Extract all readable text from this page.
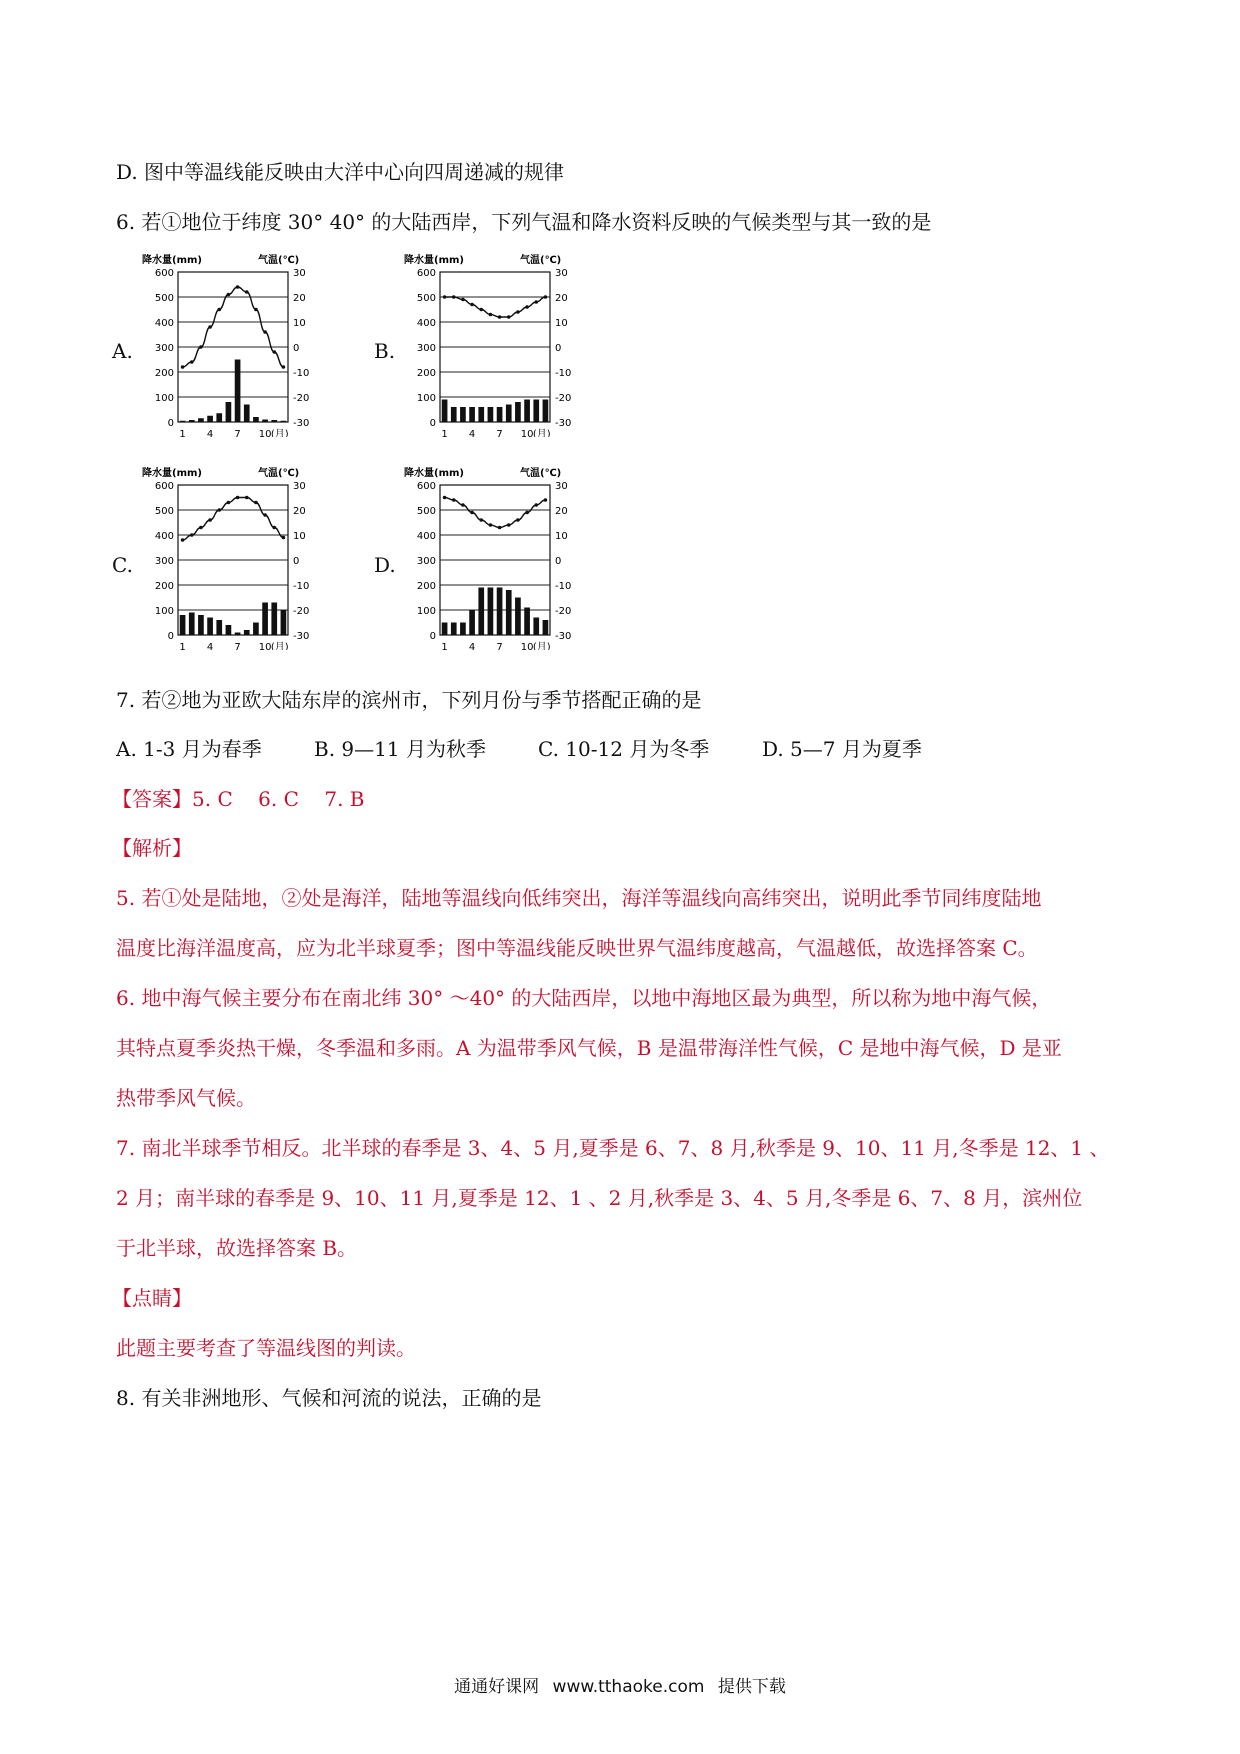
D. 图中等温线能反映由大洋中心向四周递减的规律
6. 若①地位于纬度 30° 40° 的大陆西岸，下列气温和降水资料反映的气候类型与其一致的是
A.	B.
C.	D.
降水量(mm)	气温(℃)
600	30
500	20
400	10
300	0
200	-10
100	-20
0	-30
1 4 7 10 (月)
降水量(mm)	气温(℃)
600	30
500	20
400	10
300	0
200	-10
100	-20
0	-30
1 4 7 10 (月)
降水量(mm)	气温(℃)
600	30
500	20
400	10
300	0
200	-10
100	-20
0	-30
1 4 7 10 (月)
降水量(mm)	气温(℃)
600	30
500	20
400	10
300	0
200	-10
100	-20
0	-30
1 4 7 10 (月)
7. 若②地为亚欧大陆东岸的滨州市，下列月份与季节搭配正确的是
A. 1-3 月为春季	B. 9—11 月为秋季	C. 10-12 月为冬季	D. 5—7 月为夏季
【答案】5. C    6. C    7. B
【解析】
5. 若①处是陆地，②处是海洋，陆地等温线向低纬突出，海洋等温线向高纬突出，说明此季节同纬度陆地
温度比海洋温度高，应为北半球夏季；图中等温线能反映世界气温纬度越高，气温越低，故选择答案 C。
6. 地中海气候主要分布在南北纬 30° ～40° 的大陆西岸，以地中海地区最为典型，所以称为地中海气候，
其特点夏季炎热干燥，冬季温和多雨。A 为温带季风气候，B 是温带海洋性气候，C 是地中海气候，D 是亚
热带季风气候。
7. 南北半球季节相反。北半球的春季是 3、4、5 月,夏季是 6、7、8 月,秋季是 9、10、11 月,冬季是 12、1 、
2 月；南半球的春季是 9、10、11 月,夏季是 12、1 、2 月,秋季是 3、4、5 月,冬季是 6、7、8 月，滨州位
于北半球，故选择答案 B。
【点睛】
此题主要考查了等温线图的判读。
8. 有关非洲地形、气候和河流的说法，正确的是
通通好课网 www.tthaoke.com 提供下载
